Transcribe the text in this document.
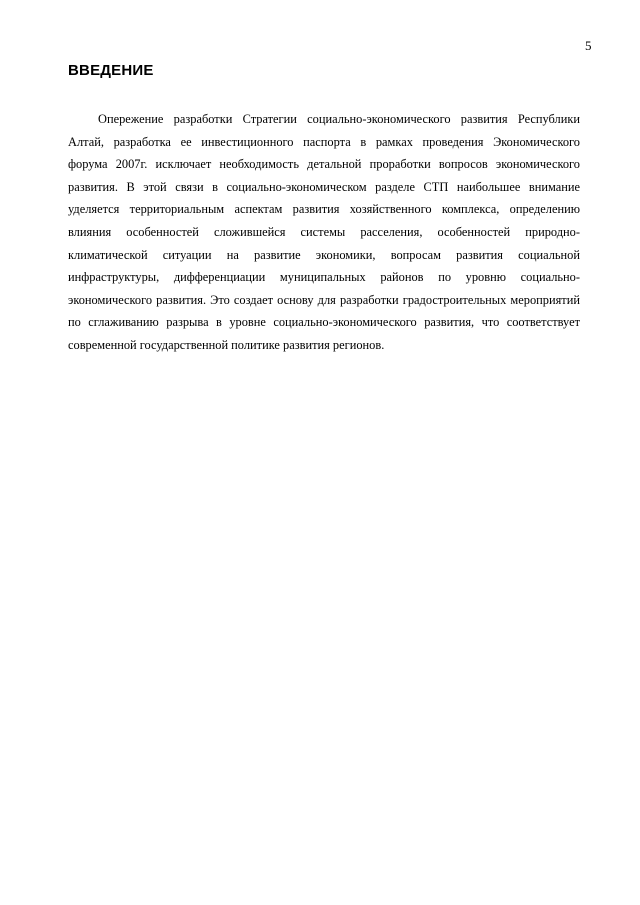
5
ВВЕДЕНИЕ
Опережение разработки Стратегии социально-экономического развития Республики
Алтай, разработка ее инвестиционного паспорта в рамках проведения Экономического
форума 2007г. исключает необходимость детальной проработки вопросов экономического
развития. В этой связи в социально-экономическом разделе СТП наибольшее внимание
уделяется территориальным аспектам развития хозяйственного комплекса, определению
влияния особенностей сложившейся системы расселения, особенностей природно-
климатической ситуации на развитие экономики, вопросам развития социальной
инфраструктуры, дифференциации муниципальных районов по уровню социально-
экономического развития. Это создает основу для разработки градостроительных мероприятий
по сглаживанию разрыва в уровне социально-экономического развития, что соответствует
современной государственной политике развития регионов.
